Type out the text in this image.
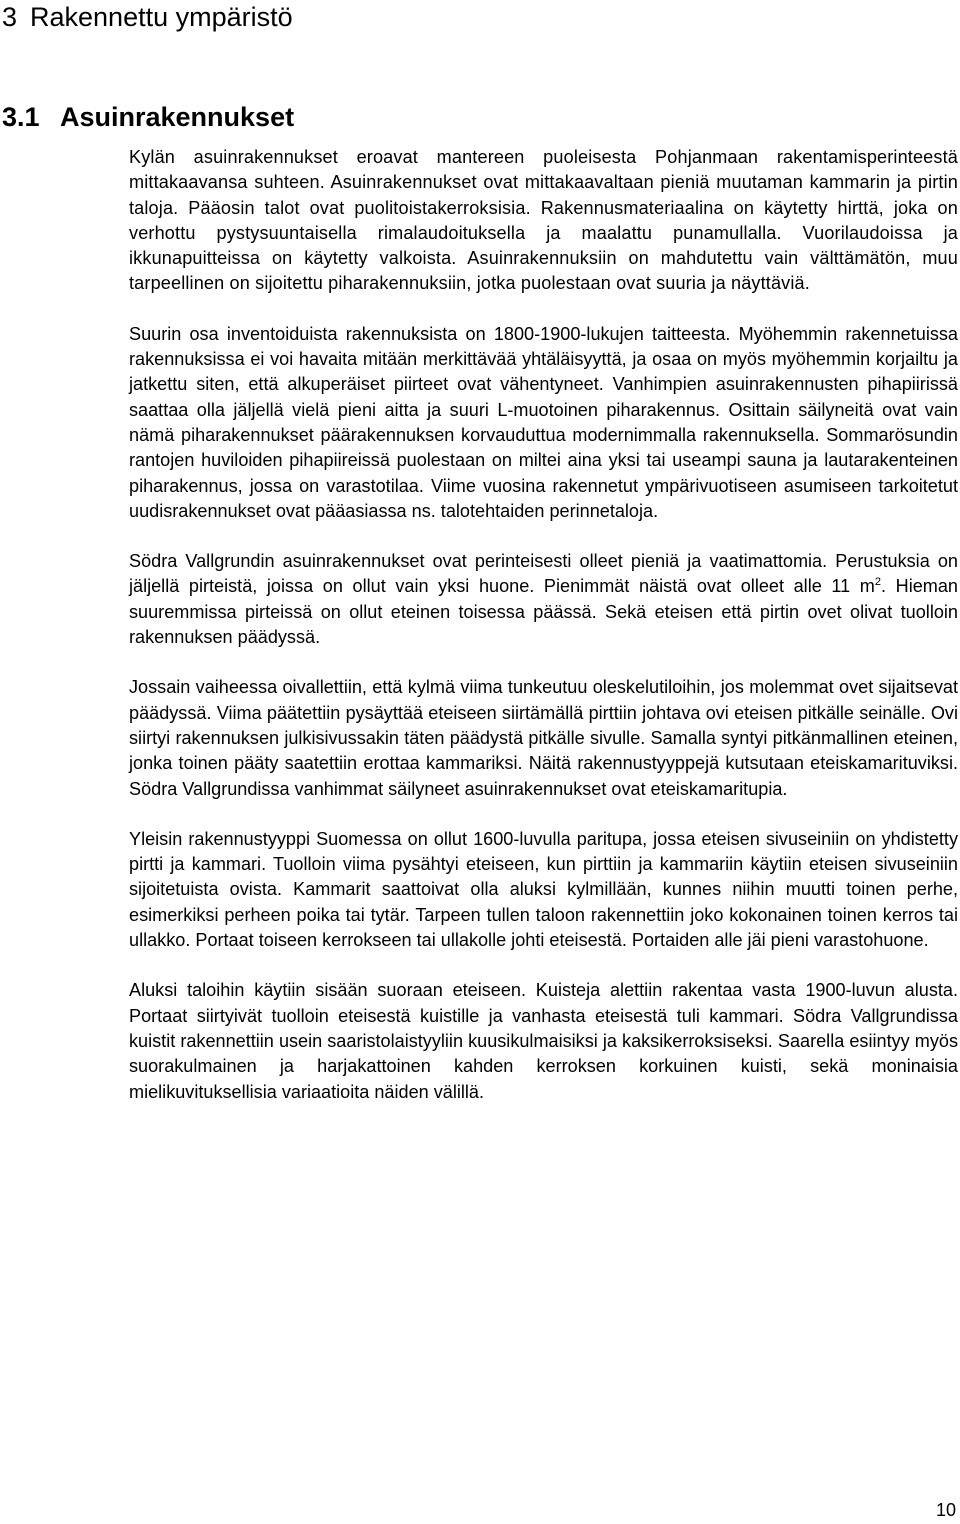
3 Rakennettu ympäristö
3.1 Asuinrakennukset

Kylän asuinrakennukset eroavat mantereen puoleisesta Pohjanmaan rakentamisperinteestä mittakaavansa suhteen. Asuinrakennukset ovat mittakaavaltaan pieniä muutaman kammarin ja pirtin taloja. Pääosin talot ovat puolitoistakerroksisia. Rakennusmateriaalina on käytetty hirttä, joka on verhottu pystysuuntaisella rimalaudoituksella ja maalattu punamullalla. Vuorilaudoissa ja ikkunapuitteissa on käytetty valkoista. Asuinrakennuksiin on mahdutettu vain välttämätön, muu tarpeellinen on sijoitettu piharakennuksiin, jotka puolestaan ovat suuria ja näyttäviä.

Suurin osa inventoiduista rakennuksista on 1800-1900-lukujen taitteesta. Myöhemmin rakennetuissa rakennuksissa ei voi havaita mitään merkittävää yhtäläisyyttä, ja osaa on myös myöhemmin korjailtu ja jatkettu siten, että alkuperäiset piirteet ovat vähentyneet. Vanhimpien asuinrakennusten pihapiirissä saattaa olla jäljellä vielä pieni aitta ja suuri L-muotoinen piharakennus. Osittain säilyneitä ovat vain nämä piharakennukset päärakennuksen korvauduttua modernimmalla rakennuksella. Sommarösundin rantojen huviloiden pihapiireissä puolestaan on miltei aina yksi tai useampi sauna ja lautarakenteinen piharakennus, jossa on varastotilaa. Viime vuosina rakennetut ympärivuotiseen asumiseen tarkoitetut uudisrakennukset ovat pääasiassa ns. talotehtaiden perinnetaloja.

Södra Vallgrundin asuinrakennukset ovat perinteisesti olleet pieniä ja vaatimattomia. Perustuksia on jäljellä pirteistä, joissa on ollut vain yksi huone. Pienimmät näistä ovat olleet alle 11 $m^2$. Hieman suuremmissa pirteissä on ollut eteinen toisessa päässä. Sekä eteisen että pirtin ovet olivat tuolloin rakennuksen päädyssä.

Jossain vaiheessa oivallettiin, että kylmä viima tunkeutuu oleskelutiloihin, jos molemmat ovet sijaitsevat päädyssä. Viima päätettiin pysäyttää eteiseen siirtämällä pirttiin johtava ovi eteisen pitkälle seinälle. Ovi siirtyi rakennuksen julkisivussakin täten päädystä pitkälle sivulle. Samalla syntyi pitkänmallinen eteinen, jonka toinen pääty saatettiin erottaa kammariksi. Näitä rakennustyyppejä kutsutaan eteiskamarituviksi. Södra Vallgrundissa vanhimmat säilyneet asuinrakennukset ovat eteiskamaritupia.

Yleisin rakennustyyppi Suomessa on ollut 1600-luvulla paritupa, jossa eteisen sivuseiniin on yhdistetty pirtti ja kammari. Tuolloin viima pysähtyi eteiseen, kun pirttiin ja kammariin käytiin eteisen sivuseiniin sijoitetuista ovista. Kammarit saattoivat olla aluksi kylmillään, kunnes niihin muutti toinen perhe, esimerkiksi perheen poika tai tytär. Tarpeen tullen taloon rakennettiin joko kokonainen toinen kerros tai ullakko. Portaat toiseen kerrokseen tai ullakolle johti eteisestä. Portaiden alle jäi pieni varastohuone.

Aluksi taloihin käytiin sisään suoraan eteiseen. Kuisteja alettiin rakentaa vasta 1900-luvun alusta. Portaat siirtyivät tuolloin eteisestä kuistille ja vanhasta eteisestä tuli kammari. Södra Vallgrundissa kuistit rakennettiin usein saaristolaistyyliin kuusikulmaisiksi ja kaksikerroksiseksi. Saarella esiintyy myös suorakulmainen ja harjakattoinen kahden kerroksen korkuinen kuisti, sekä moninaisia mielikuvituksellisia variaatioita näiden välillä.

10
